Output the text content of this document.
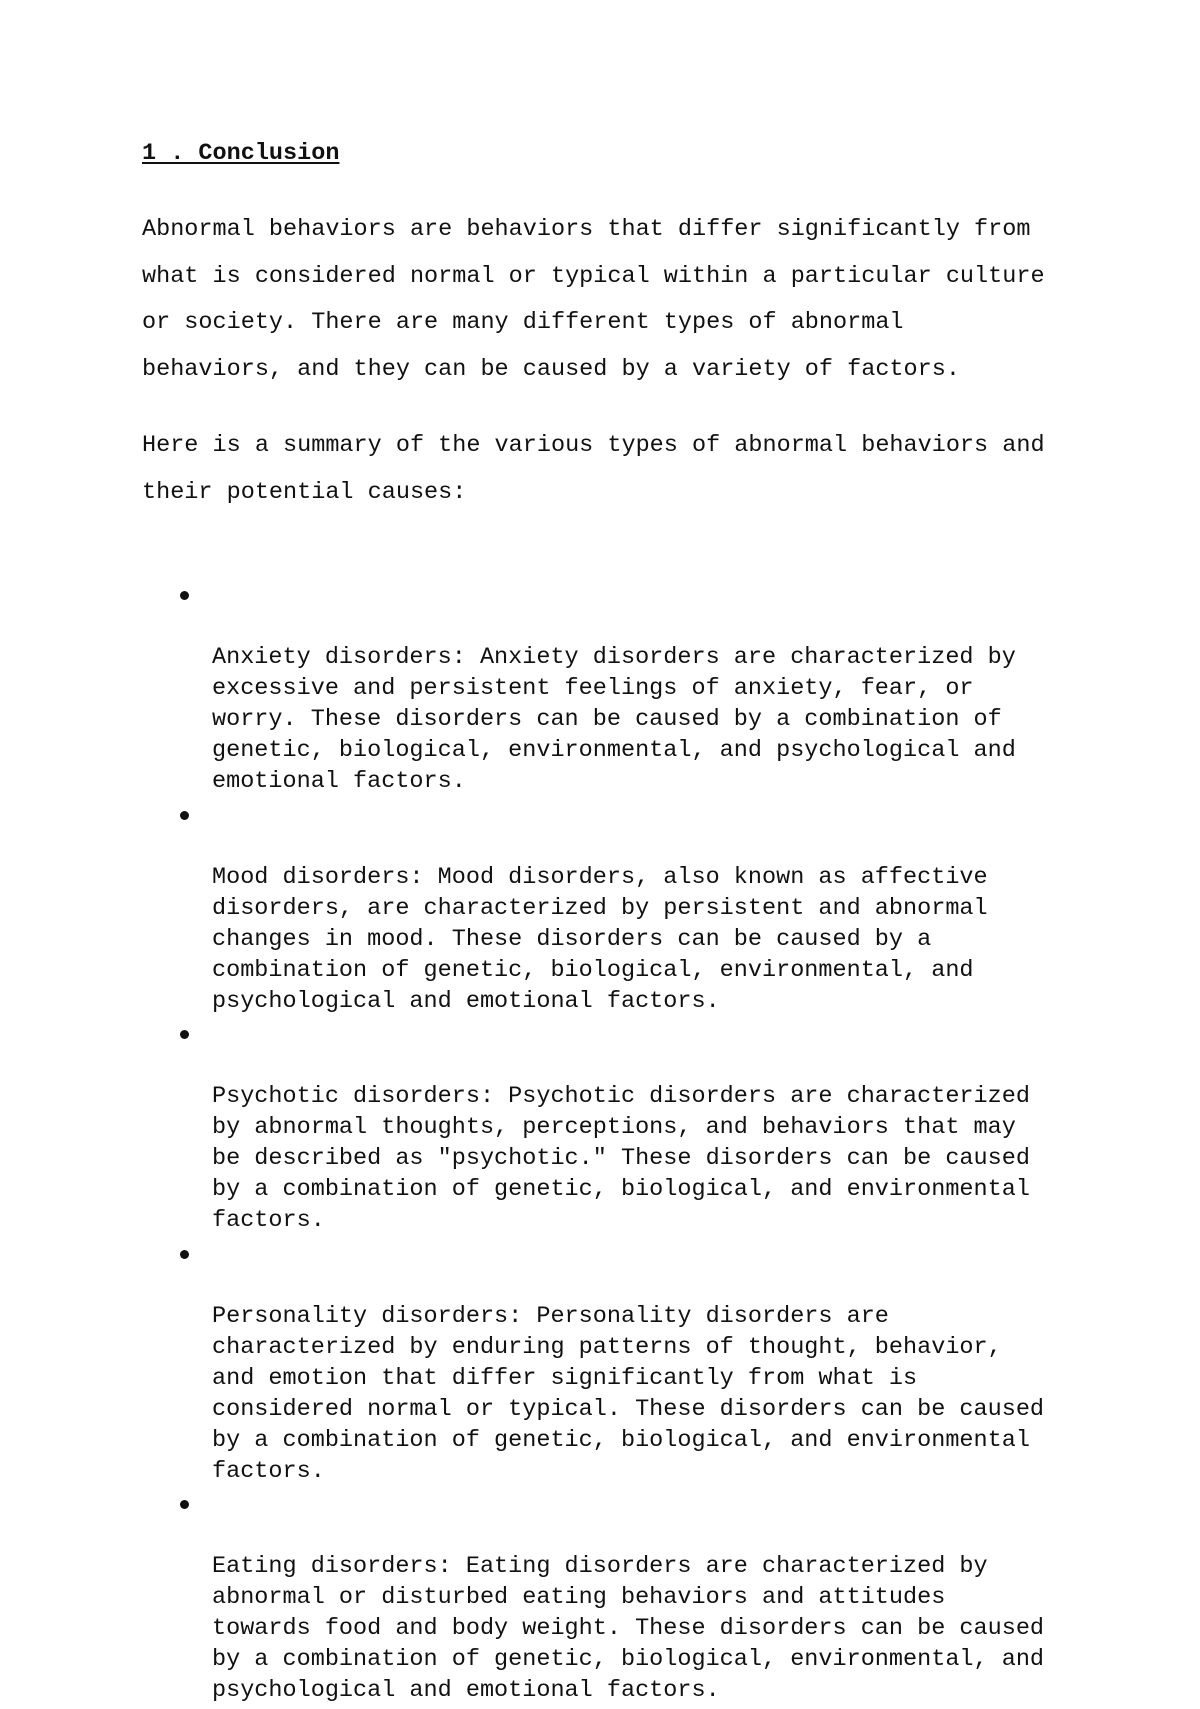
1 . Conclusion

Abnormal behaviors are behaviors that differ significantly from
what is considered normal or typical within a particular culture
or society. There are many different types of abnormal
behaviors, and they can be caused by a variety of factors.

Here is a summary of the various types of abnormal behaviors and
their potential causes:

Anxiety disorders: Anxiety disorders are characterized by
excessive and persistent feelings of anxiety, fear, or
worry. These disorders can be caused by a combination of
genetic, biological, environmental, and psychological and
emotional factors.

Mood disorders: Mood disorders, also known as affective
disorders, are characterized by persistent and abnormal
changes in mood. These disorders can be caused by a
combination of genetic, biological, environmental, and
psychological and emotional factors.

Psychotic disorders: Psychotic disorders are characterized
by abnormal thoughts, perceptions, and behaviors that may
be described as "psychotic." These disorders can be caused
by a combination of genetic, biological, and environmental
factors.

Personality disorders: Personality disorders are
characterized by enduring patterns of thought, behavior,
and emotion that differ significantly from what is
considered normal or typical. These disorders can be caused
by a combination of genetic, biological, and environmental
factors.

Eating disorders: Eating disorders are characterized by
abnormal or disturbed eating behaviors and attitudes
towards food and body weight. These disorders can be caused
by a combination of genetic, biological, environmental, and
psychological and emotional factors.
